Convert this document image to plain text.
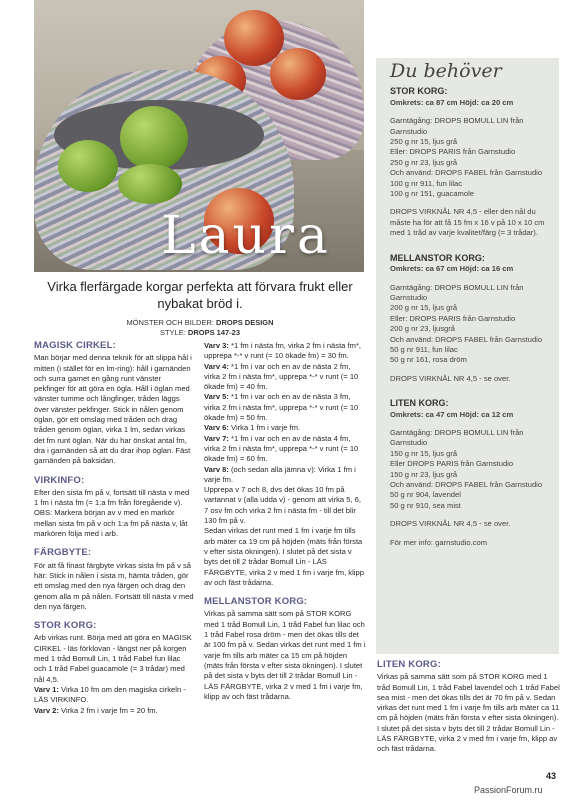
Laura
Virka flerfärgade korgar perfekta att förvara frukt eller nybakat bröd i.
MÖNSTER OCH BILDER: DROPS DESIGN
STYLE: DROPS 147-23
Du behöver
STOR KORG:
Omkrets: ca 87 cm Höjd: ca 20 cm

Garntägång: DROPS BOMULL LIN från Garnstudio

250 g nr 15, ljus grå

Eller: DROPS PARIS från Garnstudio

250 g nr 23, ljus grå

Och använd: DROPS FABEL från Garnstudio

100 g nr 911, fun lilac

100 g nr 151, guacamole

DROPS VIRKNÅL NR 4,5 - eller den nål du måste ha för att få 15 fm x 16 v på 10 x 10 cm med 1 tråd av varje kvalitet/färg (= 3 trådar).

MELLANSTOR KORG:
Omkrets: ca 67 cm Höjd: ca 16 cm

Garntägång: DROPS BOMULL LIN från Garnstudio

200 g nr 15, ljus grå

Eller: DROPS PARIS från Garnstudio

200 g nr 23, ljusgrå

Och använd: DROPS FABEL från Garnstudio

50 g nr 911, fun lilac

50 g nr 161, rosa dröm

DROPS VIRKNÅL NR 4,5 - se over.

LITEN KORG:
Omkrets: ca 47 cm Höjd: ca 12 cm

Garntägång: DROPS BOMULL LIN från Garnstudio

150 g nr 15, ljus grå

Eller DROPS PARIS från Garnstudio

150 g nr 23, ljus grå

Och använd: DROPS FABEL från Garnstudio

50 g nr 904, lavendel

50 g nr 910, sea mist

DROPS VIRKNÅL NR 4,5 - se over.

För mer info: garnstudio.com

MAGISK CIRKEL:

Man börjar med denna teknik för att slippa hål i mitten (i stället för en lm-ring): håll i garnänden och surra garnet en gång runt vänster pekfinger för att göra en ögla. Håll i öglan med vänster tumme och långfinger, tråden läggs över vänster pekfinger. Stick in nålen genom öglan, gör ett omslag med tråden och drag tråden genom öglan, virka 1 lm, sedan virkas det fm runt öglan. När du har önskat antal fm, dra i garnänden så att du drar ihop öglan. Fäst garnänden på baksidan.

VIRKINFO:

Efter den sista fm på v, fortsätt till nästa v med 1 fm i nästa fm (= 1:a fm från föregående v). OBS: Markera början av v med en markör mellan sista fm på v och 1:a fm på nästa v, låt markören följa med i arb.

FÄRGBYTE:

För att få finast färgbyte virkas sista fm på v så här: Stick in nålen i sista m, hämta tråden, gör ett omslag med den nya färgen och drag den genom alla m på nålen. Fortsätt till nästa v med den nya färgen.

STOR KORG:

Arb virkas runt. Börja med att göra en MAGISK CIRKEL - läs förklovan - längst ner på korgen med 1 tråd Bomull Lin, 1 tråd Fabel fun lilac och 1 tråd Fabel guacamole (= 3 trådar) med nål 4,5.

Varv 1: Virka 10 fm om den magiska cirkeln - LÄS VIRKINFO.

Varv 2: Virka 2 fm i varje fm = 20 fm.

Varv 3: *1 fm i nästa fm, virka 2 fm i nästa fm*, upprepa *-* v runt (= 10 ökade fm) = 30 fm.

Varv 4: *1 fm i var och en av de nästa 2 fm, virka 2 fm i nästa fm*, upprepa *-* v runt (= 10 ökade fm) = 40 fm.

Varv 5: *1 fm i var och en av de nästa 3 fm, virka 2 fm i nästa fm*, upprepa *-* v runt (= 10 ökade fm) = 50 fm.

Varv 6: Virka 1 fm i varje fm.

Varv 7: *1 fm i var och en av de nästa 4 fm, virka 2 fm i nästa fm*, upprepa *-* v runt (= 10 ökade fm) = 60 fm.

Varv 8: (och sedan alla jämna v): Virka 1 fm i varje fm.

Upprepa v 7 och 8, dvs det ökas 10 fm på vartannat v (alla udda v) - genom att virka 5, 6, 7 osv fm och virka 2 fm i nästa fm - till det blir 130 fm på v.

Sedan virkas det runt med 1 fm i varje fm tills arb mäter ca 19 cm på höjden (mäts från första v efter sista ökningen). I slutet på det sista v byts det till 2 trådar Bomull Lin - LÄS FÄRGBYTE, virka 2 v med 1 fm i varje fm, klipp av och fäst trådarna.

MELLANSTOR KORG:

Virkas på samma sätt som på STOR KORG med 1 tråd Bomull Lin, 1 tråd Fabel fun lilac och 1 tråd Fabel rosa dröm - men det ökas tills det är 100 fm på v. Sedan virkas det runt med 1 fm i varje fm tills arb mäter ca 15 cm på höjden (mäts från första v efter sista ökningen). I slutet på det sista v byts det till 2 trådar Bomull Lin - LÄS FÄRGBYTE, virka 2 v med 1 fm i varje fm, klipp av och fäst trådarna.

LITEN KORG:

Virkas på samma sätt som på STOR KORG med 1 tråd Bomull Lin, 1 tråd Fabel lavendel och 1 tråd Fabel sea mist - men det ökas tills det är 70 fm på v. Sedan virkas det runt med 1 fm i varje fm tills arb mäter ca 11 cm på höjden (mäts från första v efter sista ökningen). I slutet på det sista v byts det till 2 trådar Bomull Lin - LÄS FÄRGBYTE, virka 2 v med fm i varje fm, klipp av och fäst trådarna.

43
PassionForum.ru
